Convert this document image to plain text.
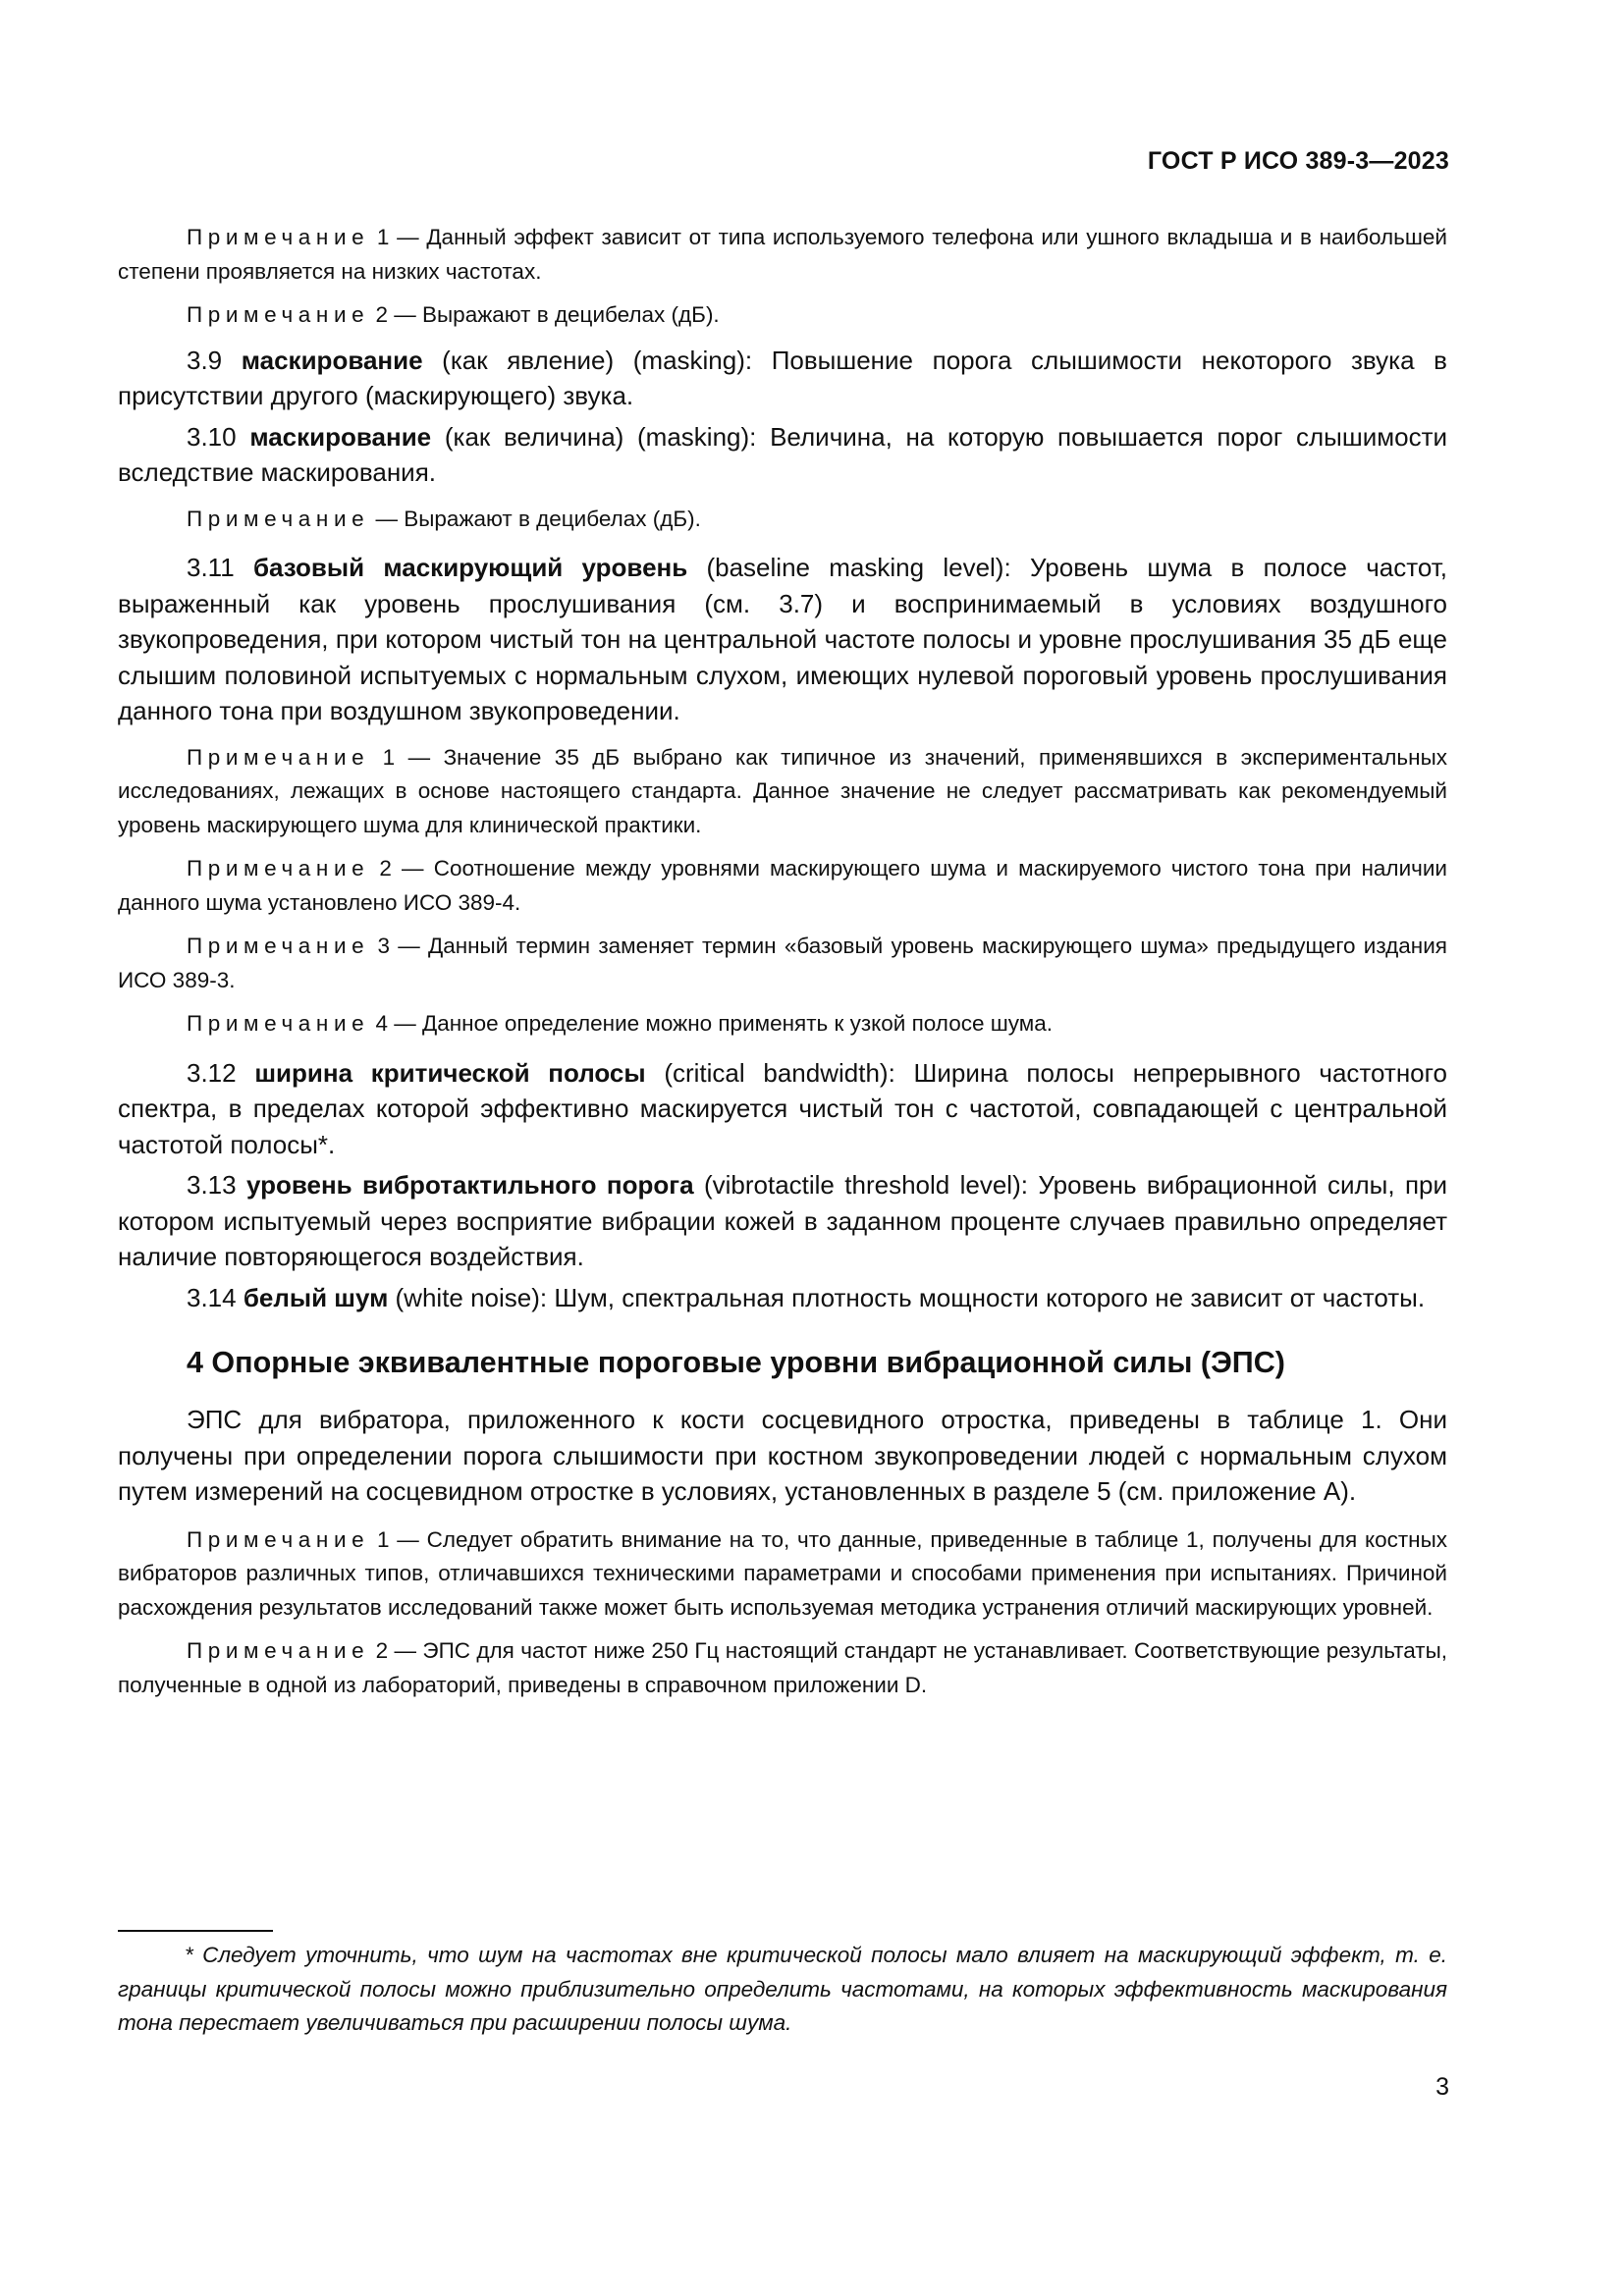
ГОСТ Р ИСО 389-3—2023

Примечание 1 — Данный эффект зависит от типа используемого телефона или ушного вкладыша и в наибольшей степени проявляется на низких частотах.

Примечание 2 — Выражают в децибелах (дБ).

3.9 маскирование (как явление) (masking): Повышение порога слышимости некоторого звука в присутствии другого (маскирующего) звука.

3.10 маскирование (как величина) (masking): Величина, на которую повышается порог слышимости вследствие маскирования.

Примечание — Выражают в децибелах (дБ).

3.11 базовый маскирующий уровень (baseline masking level): Уровень шума в полосе частот, выраженный как уровень прослушивания (см. 3.7) и воспринимаемый в условиях воздушного звукопроведения, при котором чистый тон на центральной частоте полосы и уровне прослушивания 35 дБ еще слышим половиной испытуемых с нормальным слухом, имеющих нулевой пороговый уровень прослушивания данного тона при воздушном звукопроведении.

Примечание 1 — Значение 35 дБ выбрано как типичное из значений, применявшихся в экспериментальных исследованиях, лежащих в основе настоящего стандарта. Данное значение не следует рассматривать как рекомендуемый уровень маскирующего шума для клинической практики.

Примечание 2 — Соотношение между уровнями маскирующего шума и маскируемого чистого тона при наличии данного шума установлено ИСО 389-4.

Примечание 3 — Данный термин заменяет термин «базовый уровень маскирующего шума» предыдущего издания ИСО 389-3.

Примечание 4 — Данное определение можно применять к узкой полосе шума.

3.12 ширина критической полосы (critical bandwidth): Ширина полосы непрерывного частотного спектра, в пределах которой эффективно маскируется чистый тон с частотой, совпадающей с центральной частотой полосы*.

3.13 уровень вибротактильного порога (vibrotactile threshold level): Уровень вибрационной силы, при котором испытуемый через восприятие вибрации кожей в заданном проценте случаев правильно определяет наличие повторяющегося воздействия.

3.14 белый шум (white noise): Шум, спектральная плотность мощности которого не зависит от частоты.

4 Опорные эквивалентные пороговые уровни вибрационной силы (ЭПС)

ЭПС для вибратора, приложенного к кости сосцевидного отростка, приведены в таблице 1. Они получены при определении порога слышимости при костном звукопроведении людей с нормальным слухом путем измерений на сосцевидном отростке в условиях, установленных в разделе 5 (см. приложение А).

Примечание 1 — Следует обратить внимание на то, что данные, приведенные в таблице 1, получены для костных вибраторов различных типов, отличавшихся техническими параметрами и способами применения при испытаниях. Причиной расхождения результатов исследований также может быть используемая методика устранения отличий маскирующих уровней.

Примечание 2 — ЭПС для частот ниже 250 Гц настоящий стандарт не устанавливает. Соответствующие результаты, полученные в одной из лабораторий, приведены в справочном приложении D.

* Следует уточнить, что шум на частотах вне критической полосы мало влияет на маскирующий эффект, т. е. границы критической полосы можно приблизительно определить частотами, на которых эффективность маскирования тона перестает увеличиваться при расширении полосы шума.
3
